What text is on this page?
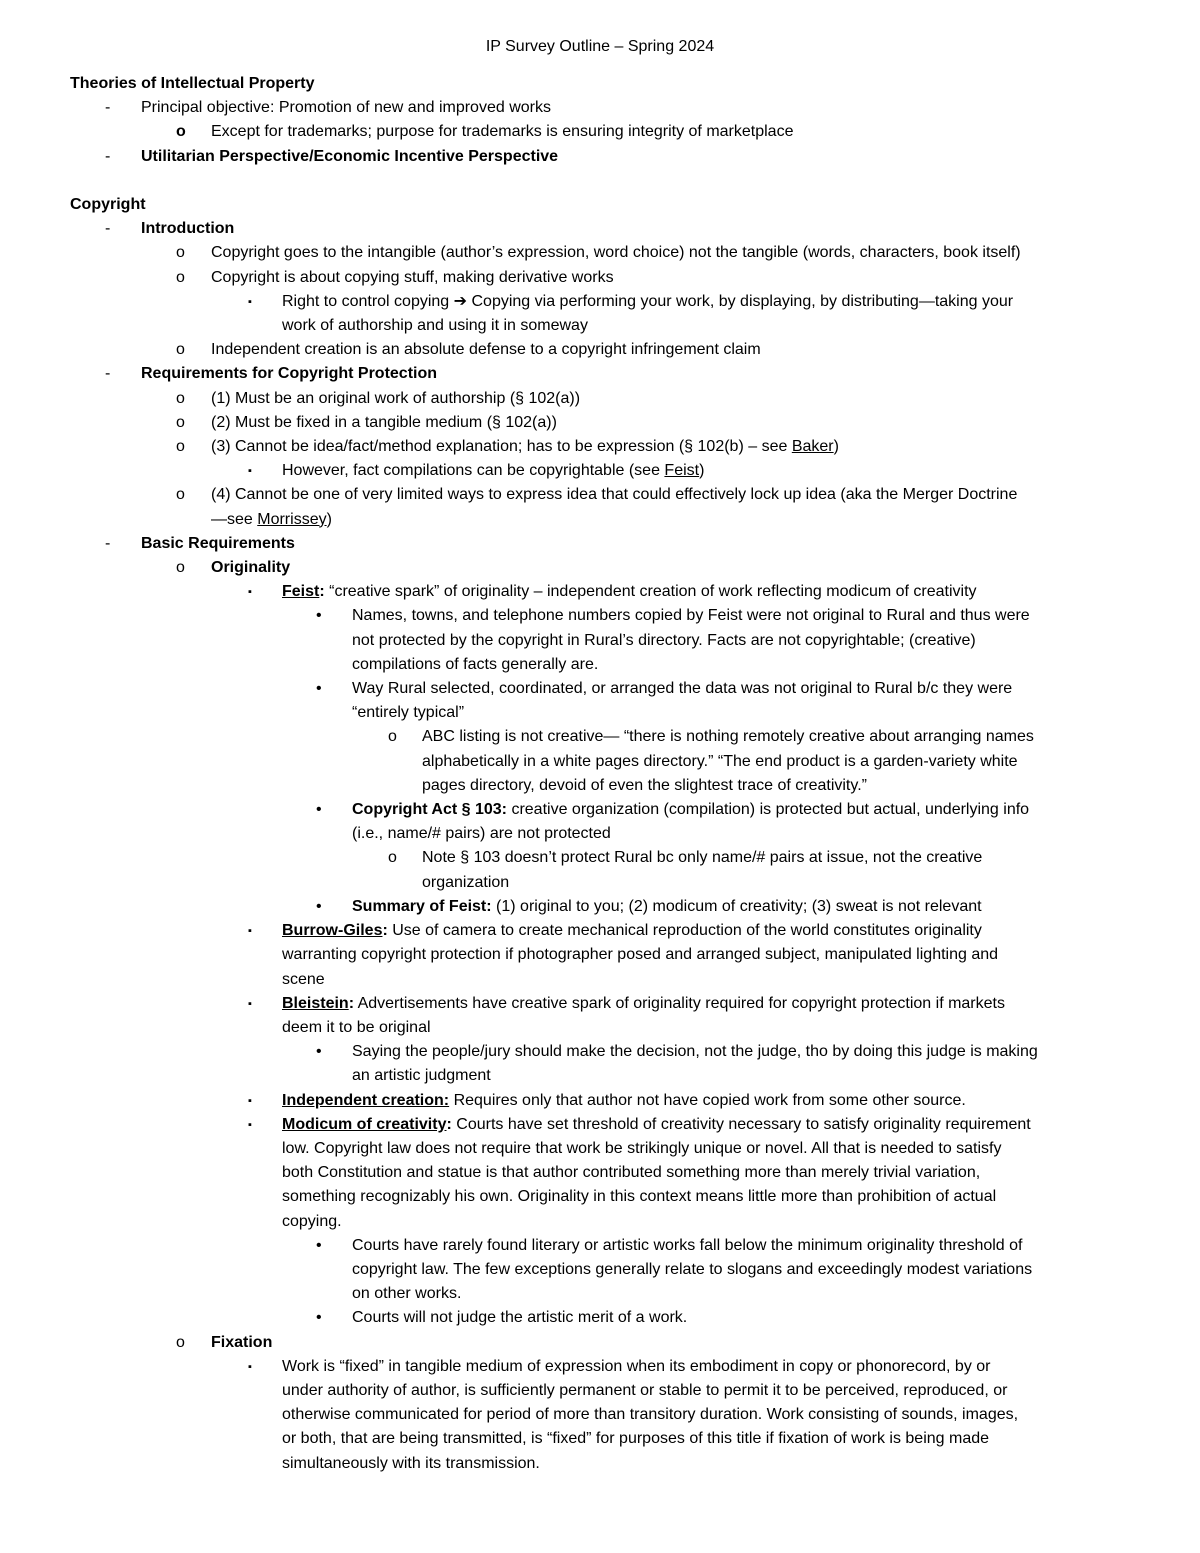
IP Survey Outline – Spring 2024
Theories of Intellectual Property
- Principal objective: Promotion of new and improved works
o Except for trademarks; purpose for trademarks is ensuring integrity of marketplace
- Utilitarian Perspective/Economic Incentive Perspective
Copyright
- Introduction
o Copyright goes to the intangible (author’s expression, word choice) not the tangible (words, characters, book itself)
o Copyright is about copying stuff, making derivative works
▪ Right to control copying ➔ Copying via performing your work, by displaying, by distributing—taking your
work of authorship and using it in someway
o Independent creation is an absolute defense to a copyright infringement claim
- Requirements for Copyright Protection
o (1) Must be an original work of authorship (§ 102(a))
o (2) Must be fixed in a tangible medium (§ 102(a))
o (3) Cannot be idea/fact/method explanation; has to be expression (§ 102(b) – see Baker)
▪ However, fact compilations can be copyrightable (see Feist)
o (4) Cannot be one of very limited ways to express idea that could effectively lock up idea (aka the Merger Doctrine
—see Morrissey)
- Basic Requirements
o Originality
▪ Feist: “creative spark” of originality – independent creation of work reflecting modicum of creativity
• Names, towns, and telephone numbers copied by Feist were not original to Rural and thus were
not protected by the copyright in Rural’s directory. Facts are not copyrightable; (creative)
compilations of facts generally are.
• Way Rural selected, coordinated, or arranged the data was not original to Rural b/c they were
“entirely typical”
o ABC listing is not creative— “there is nothing remotely creative about arranging names
alphabetically in a white pages directory.” “The end product is a garden-variety white
pages directory, devoid of even the slightest trace of creativity.”
• Copyright Act § 103: creative organization (compilation) is protected but actual, underlying info
(i.e., name/# pairs) are not protected
o Note § 103 doesn’t protect Rural bc only name/# pairs at issue, not the creative
organization
• Summary of Feist: (1) original to you; (2) modicum of creativity; (3) sweat is not relevant
▪ Burrow-Giles: Use of camera to create mechanical reproduction of the world constitutes originality
warranting copyright protection if photographer posed and arranged subject, manipulated lighting and
scene
▪ Bleistein: Advertisements have creative spark of originality required for copyright protection if markets
deem it to be original
• Saying the people/jury should make the decision, not the judge, tho by doing this judge is making
an artistic judgment
▪ Independent creation: Requires only that author not have copied work from some other source.
▪ Modicum of creativity: Courts have set threshold of creativity necessary to satisfy originality requirement
low. Copyright law does not require that work be strikingly unique or novel. All that is needed to satisfy
both Constitution and statue is that author contributed something more than merely trivial variation,
something recognizably his own. Originality in this context means little more than prohibition of actual
copying.
• Courts have rarely found literary or artistic works fall below the minimum originality threshold of
copyright law. The few exceptions generally relate to slogans and exceedingly modest variations
on other works.
• Courts will not judge the artistic merit of a work.
o Fixation
▪ Work is “fixed” in tangible medium of expression when its embodiment in copy or phonorecord, by or
under authority of author, is sufficiently permanent or stable to permit it to be perceived, reproduced, or
otherwise communicated for period of more than transitory duration. Work consisting of sounds, images,
or both, that are being transmitted, is “fixed” for purposes of this title if fixation of work is being made
simultaneously with its transmission.
